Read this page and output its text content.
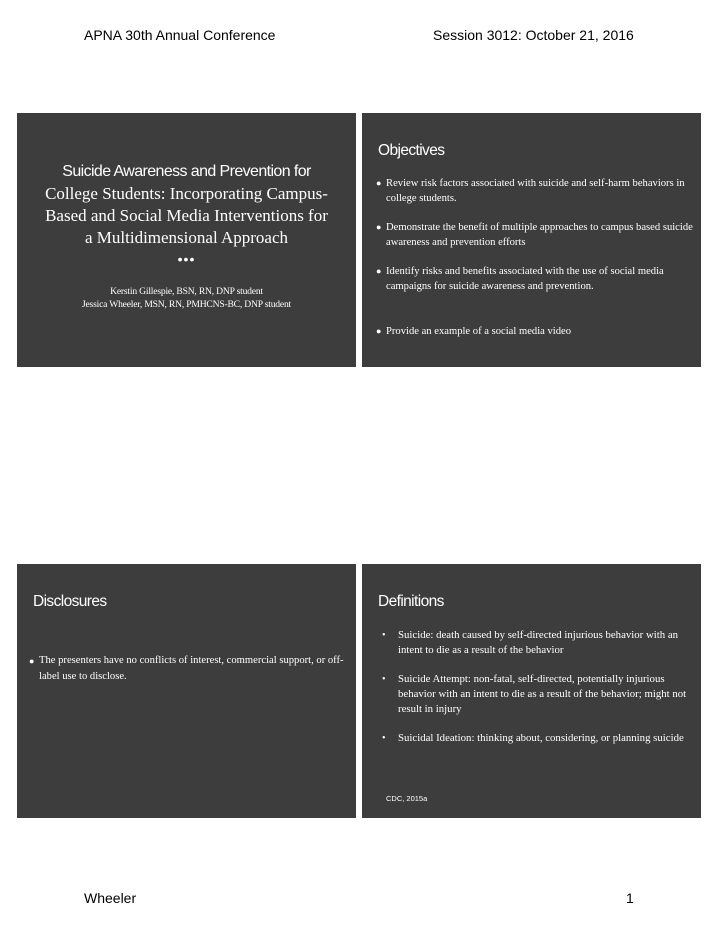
APNA 30th Annual Conference	Session 3012: October 21, 2016
Suicide Awareness and Prevention for
College Students: Incorporating Campus-
Based and Social Media Interventions for
a Multidimensional Approach
•••
Kerstin Gillespie, BSN, RN, DNP student
Jessica Wheeler, MSN, RN, PMHCNS-BC, DNP student
Objectives
● Review risk factors associated with suicide and self-harm behaviors in college students.
● Demonstrate the benefit of multiple approaches to campus based suicide awareness and prevention efforts
● Identify risks and benefits associated with the use of social media campaigns for suicide awareness and prevention.
● Provide an example of a social media video
Disclosures
● The presenters have no conflicts of interest, commercial support, or off-label use to disclose.
Definitions
• Suicide: death caused by self-directed injurious behavior with an intent to die as a result of the behavior
• Suicide Attempt: non-fatal, self-directed, potentially injurious behavior with an intent to die as a result of the behavior; might not result in injury
• Suicidal Ideation: thinking about, considering, or planning suicide
CDC, 2015a
Wheeler	1
